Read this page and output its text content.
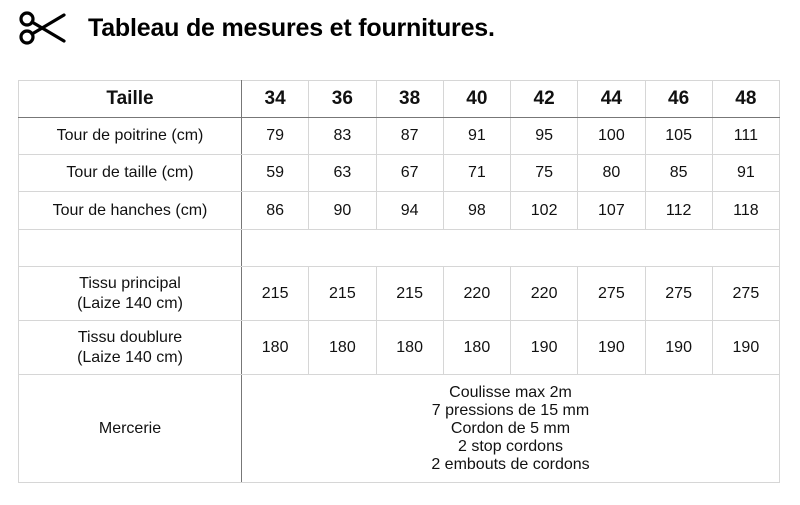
Tableau de mesures et fournitures.
Taille	34	36	38	40	42	44	46	48
Tour de poitrine (cm)	79	83	87	91	95	100	105	111
Tour de taille (cm)	59	63	67	71	75	80	85	91
Tour de hanches (cm)	86	90	94	98	102	107	112	118

Tissu principal
(Laize 140 cm)	215	215	215	220	220	275	275	275
Tissu doublure
(Laize 140 cm)	180	180	180	180	190	190	190	190
Mercerie	Coulisse max 2m
7 pressions de 15 mm
Cordon de 5 mm
2 stop cordons
2 embouts de cordons							
